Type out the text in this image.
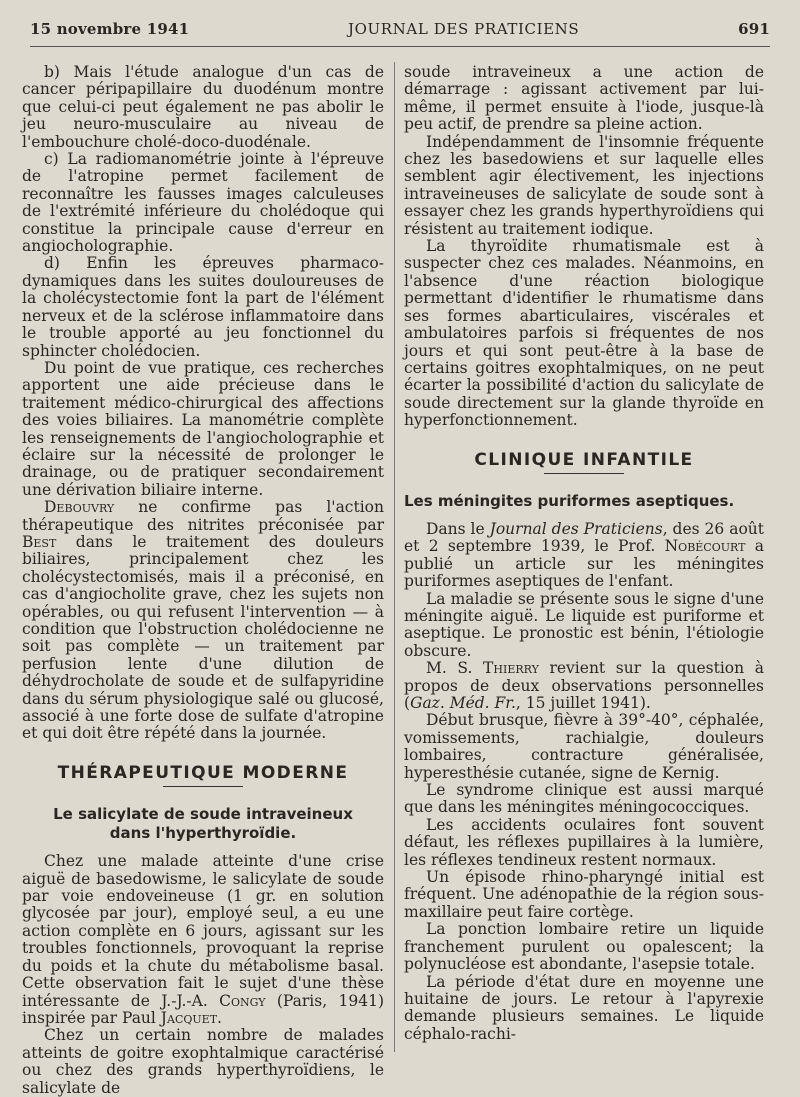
15 novembre 1941	JOURNAL DES PRATICIENS	691

b) Mais l'étude analogue d'un cas de cancer péripapillaire du duodénum montre que celui-ci peut également ne pas abolir le jeu neuro-musculaire au niveau de l'embouchure cholé-doco-duodénale.

c) La radiomanométrie jointe à l'épreuve de l'atropine permet facilement de reconnaître les fausses images calculeuses de l'extrémité inférieure du cholédoque qui constitue la principale cause d'erreur en angiocholographie.

d) Enfin les épreuves pharmaco-dynamiques dans les suites douloureuses de la cholécystectomie font la part de l'élément nerveux et de la sclérose inflammatoire dans le trouble apporté au jeu fonctionnel du sphincter cholédocien.

Du point de vue pratique, ces recherches apportent une aide précieuse dans le traitement médico-chirurgical des affections des voies biliaires. La manométrie complète les renseignements de l'angiocholographie et éclaire sur la nécessité de prolonger le drainage, ou de pratiquer secondairement une dérivation biliaire interne.

Debouvry ne confirme pas l'action thérapeutique des nitrites préconisée par Best dans le traitement des douleurs biliaires, principalement chez les cholécystectomisés, mais il a préconisé, en cas d'angiocholite grave, chez les sujets non opérables, ou qui refusent l'intervention — à condition que l'obstruction cholédocienne ne soit pas complète — un traitement par perfusion lente d'une dilution de déhydrocholate de soude et de sulfapyridine dans du sérum physiologique salé ou glucosé, associé à une forte dose de sulfate d'atropine et qui doit être répété dans la journée.

THÉRAPEUTIQUE MODERNE
Le salicylate de soude intraveineux
dans l'hyperthyroïdie.

Chez une malade atteinte d'une crise aiguë de basedowisme, le salicylate de soude par voie endoveineuse (1 gr. en solution glycosée par jour), employé seul, a eu une action complète en 6 jours, agissant sur les troubles fonctionnels, provoquant la reprise du poids et la chute du métabolisme basal. Cette observation fait le sujet d'une thèse intéressante de J.-J.-A. Congy (Paris, 1941) inspirée par Paul Jacquet.

Chez un certain nombre de malades atteints de goitre exophtalmique caractérisé ou chez des grands hyperthyroïdiens, le salicylate de

soude intraveineux a une action de démarrage : agissant activement par lui-même, il permet ensuite à l'iode, jusque-là peu actif, de prendre sa pleine action.

Indépendamment de l'insomnie fréquente chez les basedowiens et sur laquelle elles semblent agir électivement, les injections intraveineuses de salicylate de soude sont à essayer chez les grands hyperthyroïdiens qui résistent au traitement iodique.

La thyroïdite rhumatismale est à suspecter chez ces malades. Néanmoins, en l'absence d'une réaction biologique permettant d'identifier le rhumatisme dans ses formes abarticulaires, viscérales et ambulatoires parfois si fréquentes de nos jours et qui sont peut-être à la base de certains goitres exophtalmiques, on ne peut écarter la possibilité d'action du salicylate de soude directement sur la glande thyroïde en hyperfonctionnement.

CLINIQUE INFANTILE
Les méningites puriformes aseptiques.

Dans le Journal des Praticiens, des 26 août et 2 septembre 1939, le Prof. Nobécourt a publié un article sur les méningites puriformes aseptiques de l'enfant.

La maladie se présente sous le signe d'une méningite aiguë. Le liquide est puriforme et aseptique. Le pronostic est bénin, l'étiologie obscure.

M. S. Thierry revient sur la question à propos de deux observations personnelles (Gaz. Méd. Fr., 15 juillet 1941).

Début brusque, fièvre à 39°-40°, céphalée, vomissements, rachialgie, douleurs lombaires, contracture généralisée, hyperesthésie cutanée, signe de Kernig.

Le syndrome clinique est aussi marqué que dans les méningites méningococciques.

Les accidents oculaires font souvent défaut, les réflexes pupillaires à la lumière, les réflexes tendineux restent normaux.

Un épisode rhino-pharyngé initial est fréquent. Une adénopathie de la région sous-maxillaire peut faire cortège.

La ponction lombaire retire un liquide franchement purulent ou opalescent; la polynucléose est abondante, l'asepsie totale.

La période d'état dure en moyenne une huitaine de jours. Le retour à l'apyrexie demande plusieurs semaines. Le liquide céphalo-rachi-
